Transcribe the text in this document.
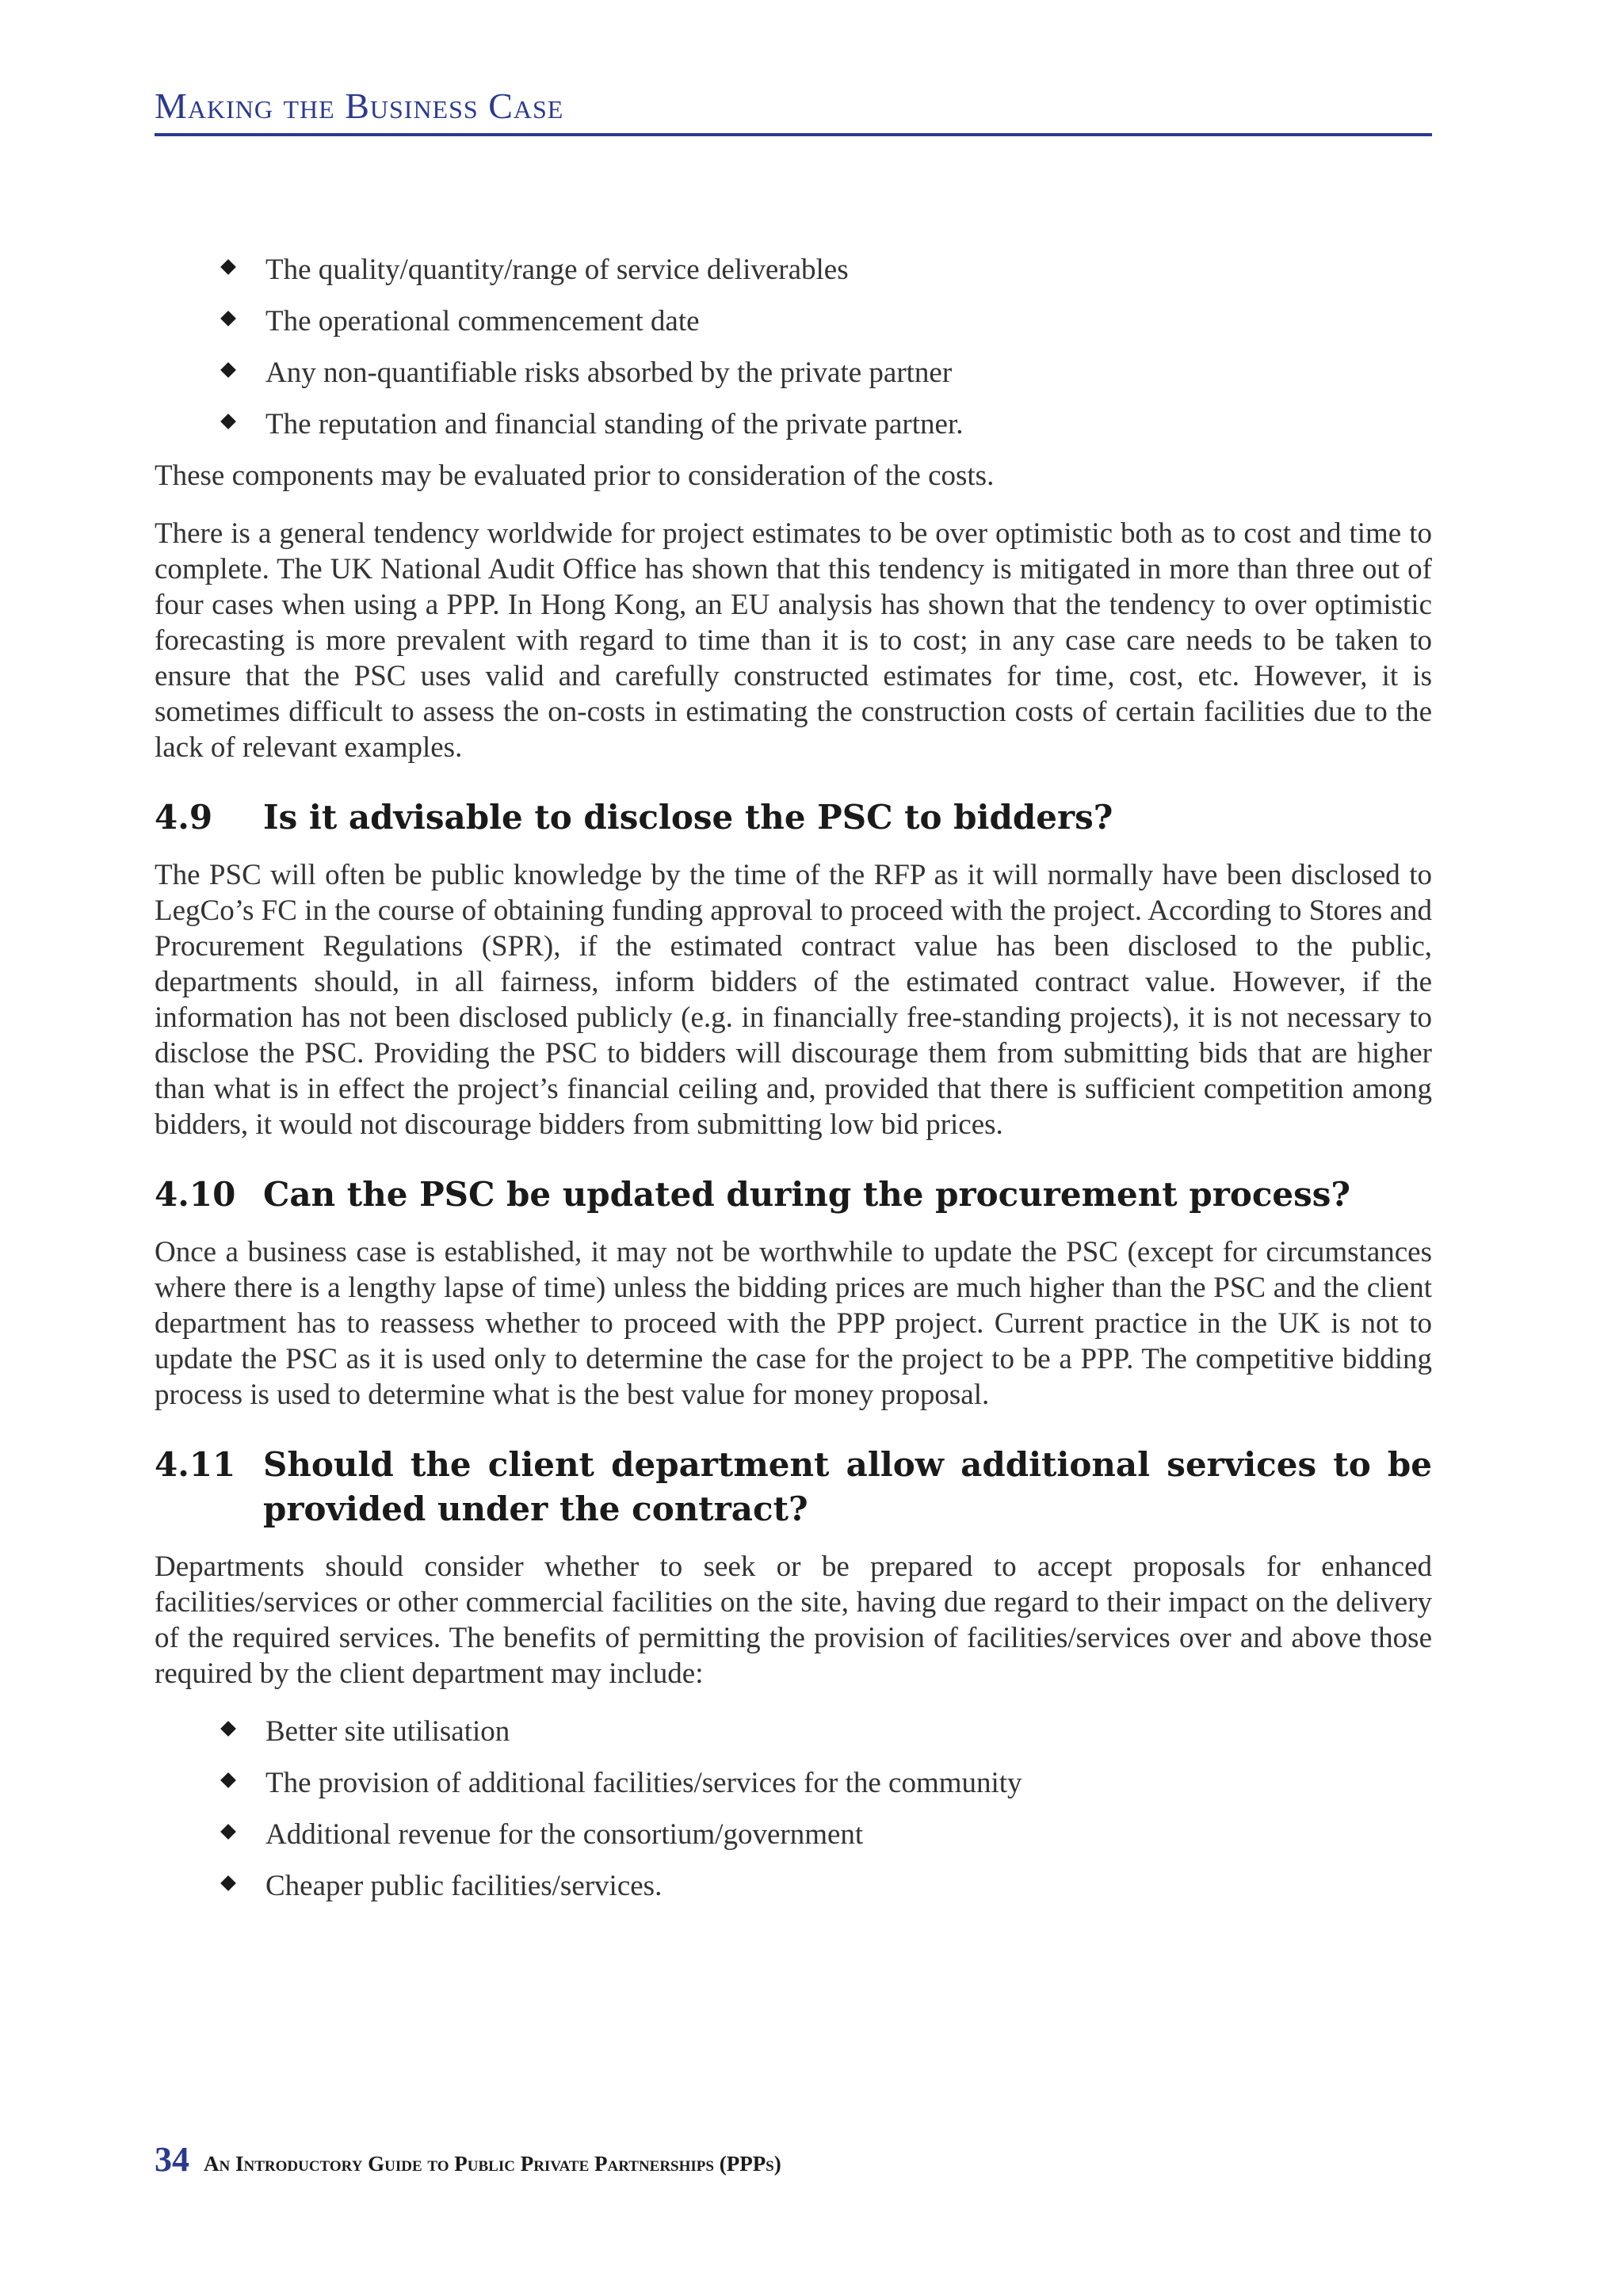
Making the Business Case
The quality/quantity/range of service deliverables
The operational commencement date
Any non-quantifiable risks absorbed by the private partner
The reputation and financial standing of the private partner.

These components may be evaluated prior to consideration of the costs.

There is a general tendency worldwide for project estimates to be over optimistic both as to cost and time to complete. The UK National Audit Office has shown that this tendency is mitigated in more than three out of four cases when using a PPP. In Hong Kong, an EU analysis has shown that the tendency to over optimistic forecasting is more prevalent with regard to time than it is to cost; in any case care needs to be taken to ensure that the PSC uses valid and carefully constructed estimates for time, cost, etc. However, it is sometimes difficult to assess the on-costs in estimating the construction costs of certain facilities due to the lack of relevant examples.

4.9	Is it advisable to disclose the PSC to bidders?

The PSC will often be public knowledge by the time of the RFP as it will normally have been disclosed to LegCo’s FC in the course of obtaining funding approval to proceed with the project. According to Stores and Procurement Regulations (SPR), if the estimated contract value has been disclosed to the public, departments should, in all fairness, inform bidders of the estimated contract value. However, if the information has not been disclosed publicly (e.g. in financially free-standing projects), it is not necessary to disclose the PSC. Providing the PSC to bidders will discourage them from submitting bids that are higher than what is in effect the project’s financial ceiling and, provided that there is sufficient competition among bidders, it would not discourage bidders from submitting low bid prices.

4.10 Can the PSC be updated during the procurement process?

Once a business case is established, it may not be worthwhile to update the PSC (except for circumstances where there is a lengthy lapse of time) unless the bidding prices are much higher than the PSC and the client department has to reassess whether to proceed with the PPP project. Current practice in the UK is not to update the PSC as it is used only to determine the case for the project to be a PPP. The competitive bidding process is used to determine what is the best value for money proposal.

4.11 Should the client department allow additional services to be provided under the contract?

Departments should consider whether to seek or be prepared to accept proposals for enhanced facilities/services or other commercial facilities on the site, having due regard to their impact on the delivery of the required services. The benefits of permitting the provision of facilities/services over and above those required by the client department may include:

Better site utilisation
The provision of additional facilities/services for the community
Additional revenue for the consortium/government
Cheaper public facilities/services.
34 An Introductory Guide to Public Private Partnerships (PPPs)
